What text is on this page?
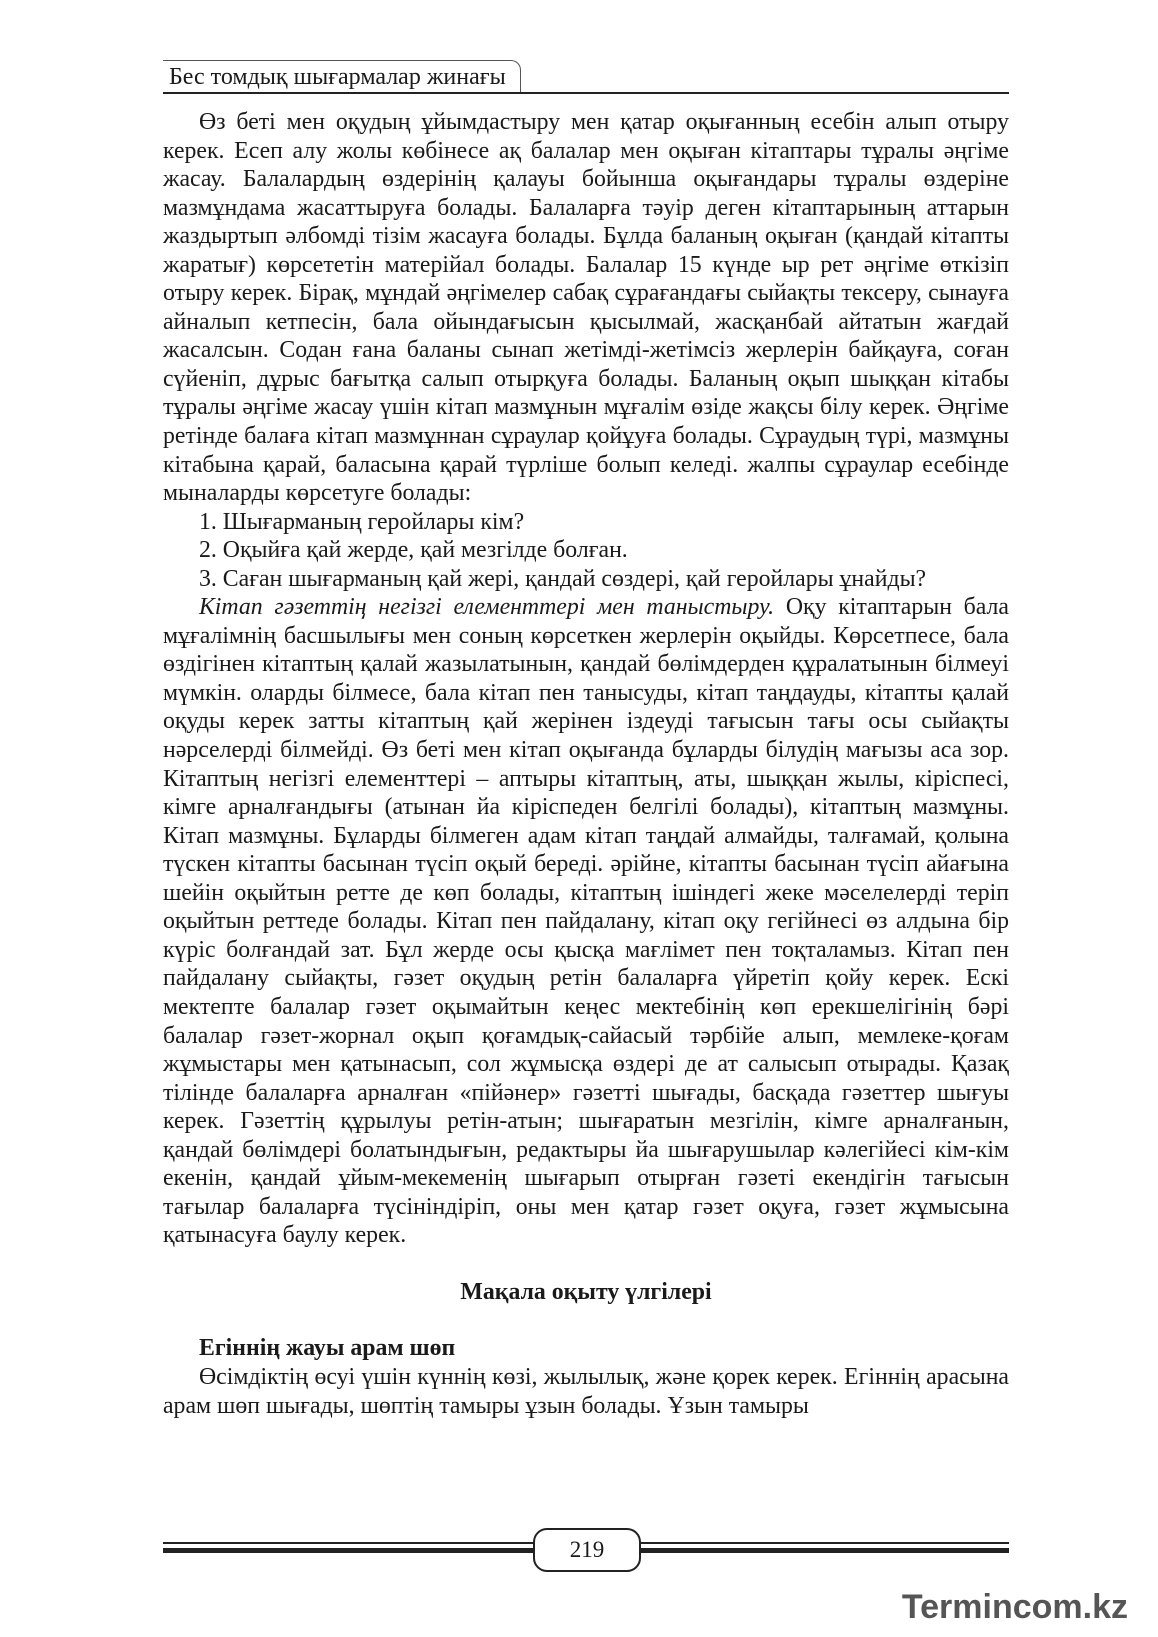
Бес томдық шығармалар жинағы

Өз беті мен оқудың ұйымдастыру мен қатар оқығанның есебін алып отыру керек. Есеп алу жолы көбінесе ақ балалар мен оқыған кітаптары тұралы әңгіме жасау. Балалардың өздерінің қалауы бойынша оқығандары тұралы өздеріне мазмұндама жасаттыруға болады. Балаларға тәуір деген кітаптарының аттарын жаздыртып әлбомді тізім жасауға болады. Бұлда баланың оқыған (қандай кітапты жаратығ) көрсететін матерійал болады. Балалар 15 күнде ыр рет әңгіме өткізіп отыру керек. Бірақ, мұндай әңгімелер сабақ сұрағандағы сыйақты тексеру, сынауға айналып кетпесін, бала ойындағысын қысылмай, жасқанбай айтатын жағдай жасалсын. Содан ғана баланы сынап жетімді-жетімсіз жерлерін байқауға, соған сүйеніп, дұрыс бағытқа салып отырқуға болады. Баланың оқып шыққан кітабы тұралы әңгіме жасау үшін кітап мазмұнын мұғалім өзіде жақсы білу керек. Әңгіме ретінде балаға кітап мазмұннан сұраулар қойұуға болады. Сұраудың түрі, мазмұны кітабына қарай, баласына қарай түрліше болып келеді. жалпы сұраулар есебінде мыналарды көрсетуге болады:

1. Шығарманың геройлары кім?

2. Оқыйға қай жерде, қай мезгілде болған.

3. Саған шығарманың қай жері, қандай сөздері, қай геройлары ұнайды?

Кітап гәзеттің негізгі елементтері мен таныстыру. Оқу кітаптарын бала мұғалімнің басшылығы мен соның көрсеткен жерлерін оқыйды. Көрсетпесе, бала өздігінен кітаптың қалай жазылатынын, қандай бөлімдерден құралатынын білмеуі мүмкін. оларды білмесе, бала кітап пен танысуды, кітап таңдауды, кітапты қалай оқуды керек затты кітаптың қай жерінен іздеуді тағысын тағы осы сыйақты нәрселерді білмейді. Өз беті мен кітап оқығанда бұларды білудің мағызы аса зор. Кітаптың негізгі елементтері – аптыры кітаптың, аты, шыққан жылы, кіріспесі, кімге арналғандығы (атынан йа кіріспеден белгілі болады), кітаптың мазмұны. Кітап мазмұны. Бұларды білмеген адам кітап таңдай алмайды, талғамай, қолына түскен кітапты басынан түсіп оқый береді. әрійне, кітапты басынан түсіп айағына шейін оқыйтын ретте де көп болады, кітаптың ішіндегі жеке мәселелерді теріп оқыйтын реттеде болады. Кітап пен пайдалану, кітап оқу гегійнесі өз алдына бір күріс болғандай зат. Бұл жерде осы қысқа мағлімет пен тоқталамыз. Кітап пен пайдалану сыйақты, гәзет оқудың ретін балаларға үйретіп қойу керек. Ескі мектепте балалар гәзет оқымайтын кеңес мектебінің көп ерекшелігінің бәрі балалар гәзет-жорнал оқып қоғамдық-сайасый тәрбійе алып, мемлеке-қоғам жұмыстары мен қатынасып, сол жұмысқа өздері де ат салысып отырады. Қазақ тілінде балаларға арналған «пійәнер» гәзетті шығады, басқада гәзеттер шығуы керек. Гәзеттің құрылуы ретін-атын; шығаратын мезгілін, кімге арналғанын, қандай бөлімдері болатындығын, редактыры йа шығарушылар кәлегійесі кім-кім екенін, қандай ұйым-мекеменің шығарып отырған гәзеті екендігін тағысын тағылар балаларға түсініндіріп, оны мен қатар гәзет оқуға, гәзет жұмысына қатынасуға баулу керек.

Мақала оқыту үлгілері

Егіннің жауы арам шөп

Өсімдіктің өсуі үшін күннің көзі, жылылық, және қорек керек. Егіннің арасына арам шөп шығады, шөптің тамыры ұзын болады. Ұзын тамыры

219
Termincom.kz
